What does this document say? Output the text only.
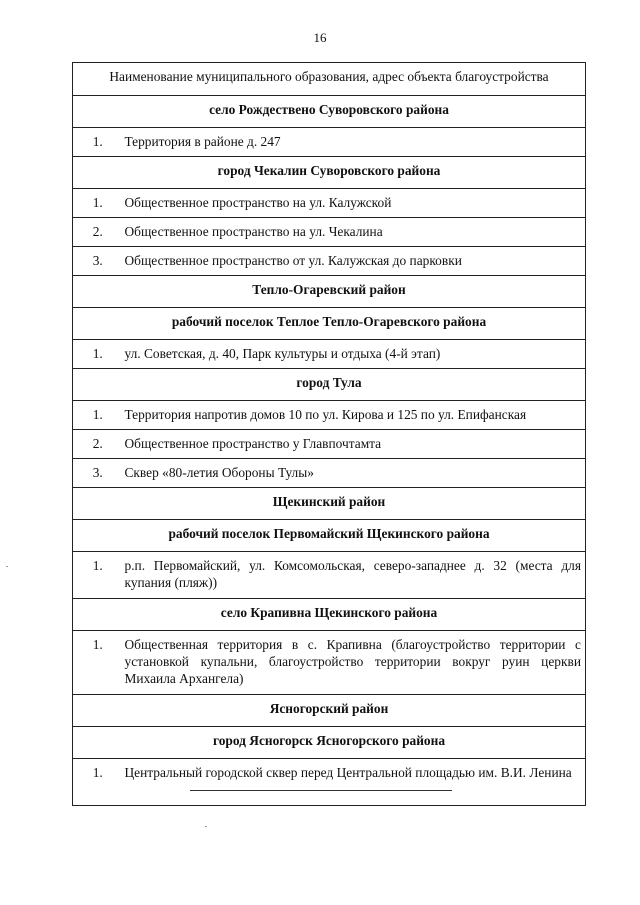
16
Наименование муниципального образования, адрес объекта благоустройства	
село Рождествено Суворовского района	
1.	Территория в районе д. 247
город Чекалин Суворовского района	
1.	Общественное пространство на ул. Калужской
2.	Общественное пространство на ул. Чекалина
3.	Общественное пространство от ул. Калужская до парковки
Тепло-Огаревский район	
рабочий поселок Теплое Тепло-Огаревского района	
1.	ул. Советская, д. 40, Парк культуры и отдыха (4-й этап)
город Тула	
1.	Территория напротив домов 10 по ул. Кирова и 125 по ул. Епифанская
2.	Общественное пространство у Главпочтамта
3.	Сквер «80-летия Обороны Тулы»
Щекинский район	
рабочий поселок Первомайский Щекинского района	
1.	р.п. Первомайский, ул. Комсомольская, северо-западнее д. 32 (места для купания (пляж))
село Крапивна Щекинского района	
1.	Общественная территория в с. Крапивна (благоустройство территории с установкой купальни, благоустройство территории вокруг руин церкви Михаила Архангела)
Ясногорский район	
город Ясногорск Ясногорского района	
1.	Центральный городской сквер перед Центральной площадью им. В.И. Ленина
